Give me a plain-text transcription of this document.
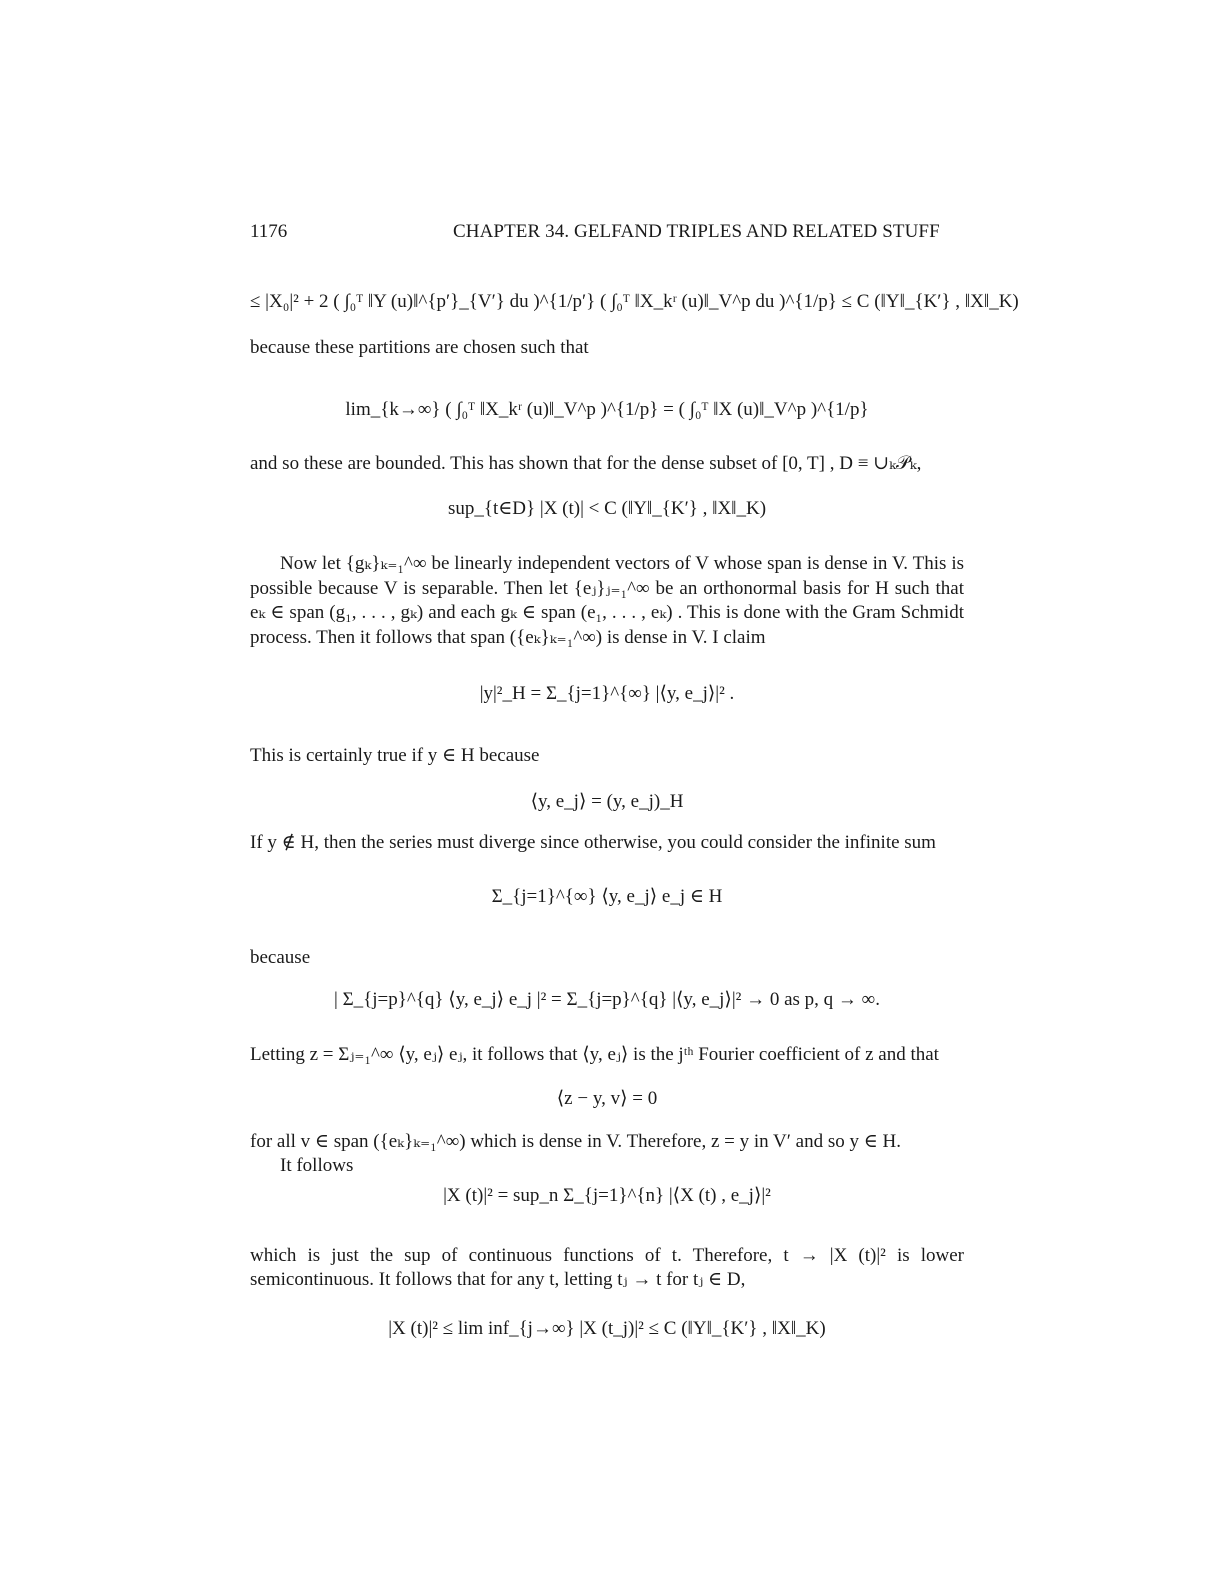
1176	CHAPTER 34. GELFAND TRIPLES AND RELATED STUFF
≤ |X₀|² + 2 ( ∫₀ᵀ ‖Y (u)‖^{p′}_{V′} du )^{1/p′} ( ∫₀ᵀ ‖X_kʳ (u)‖_V^p du )^{1/p} ≤ C (‖Y‖_{K′} , ‖X‖_K)
because these partitions are chosen such that
lim_{k→∞} ( ∫₀ᵀ ‖X_kʳ (u)‖_V^p )^{1/p} = ( ∫₀ᵀ ‖X (u)‖_V^p )^{1/p}
and so these are bounded. This has shown that for the dense subset of [0, T] , D ≡ ∪ₖ𝒫ₖ,
sup_{t∈D} |X (t)| < C (‖Y‖_{K′} , ‖X‖_K)
Now let {gₖ}ₖ₌₁^∞ be linearly independent vectors of V whose span is dense in V. This is possible because V is separable. Then let {eⱼ}ⱼ₌₁^∞ be an orthonormal basis for H such that eₖ ∈ span (g₁, . . . , gₖ) and each gₖ ∈ span (e₁, . . . , eₖ) . This is done with the Gram Schmidt process. Then it follows that span ({eₖ}ₖ₌₁^∞) is dense in V. I claim
|y|²_H = Σ_{j=1}^{∞} |⟨y, e_j⟩|² .
This is certainly true if y ∈ H because
⟨y, e_j⟩ = (y, e_j)_H
If y ∉ H, then the series must diverge since otherwise, you could consider the infinite sum
Σ_{j=1}^{∞} ⟨y, e_j⟩ e_j ∈ H
because
| Σ_{j=p}^{q} ⟨y, e_j⟩ e_j |² = Σ_{j=p}^{q} |⟨y, e_j⟩|² → 0 as p, q → ∞.
Letting z = Σⱼ₌₁^∞ ⟨y, eⱼ⟩ eⱼ, it follows that ⟨y, eⱼ⟩ is the jᵗʰ Fourier coefficient of z and that
⟨z − y, v⟩ = 0
for all v ∈ span ({eₖ}ₖ₌₁^∞) which is dense in V. Therefore, z = y in V′ and so y ∈ H.
It follows
|X (t)|² = sup_n Σ_{j=1}^{n} |⟨X (t) , e_j⟩|²
which is just the sup of continuous functions of t. Therefore, t → |X (t)|² is lower semicontinuous. It follows that for any t, letting tⱼ → t for tⱼ ∈ D,
|X (t)|² ≤ lim inf_{j→∞} |X (t_j)|² ≤ C (‖Y‖_{K′} , ‖X‖_K)
